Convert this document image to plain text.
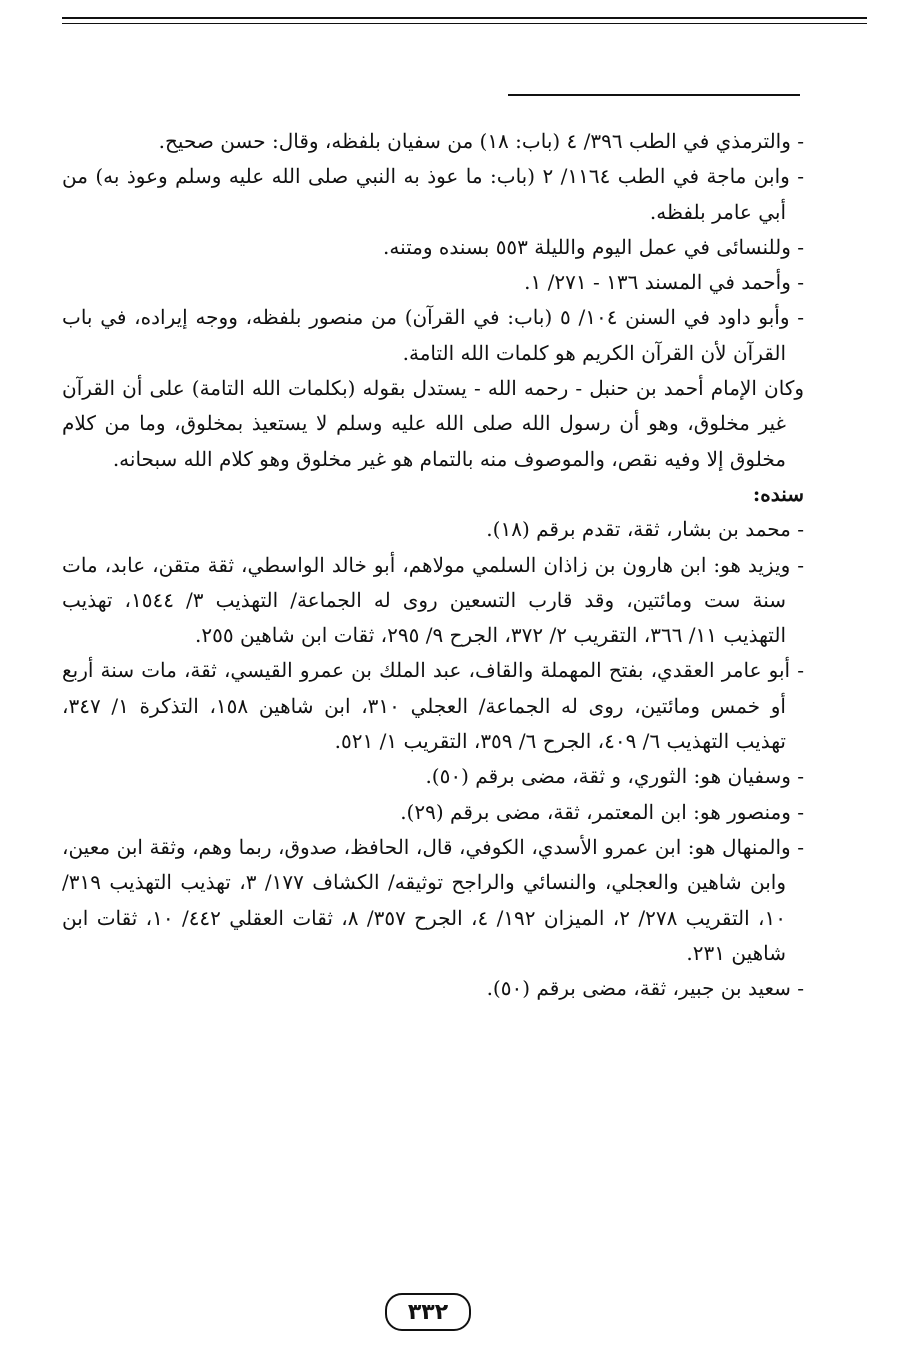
- والترمذي في الطب ٣٩٦/ ٤ (باب: ١٨) من سفيان بلفظه، وقال: حسن صحيح.

- وابن ماجة في الطب ١١٦٤/ ٢ (باب: ما عوذ به النبي صلى الله عليه وسلم وعوذ به) من أبي عامر بلفظه.

- وللنسائى في عمل اليوم والليلة ٥٥٣ بسنده ومتنه.

- وأحمد في المسند ١٣٦ - ٢٧١/ ١.

- وأبو داود في السنن ١٠٤/ ٥ (باب: في القرآن) من منصور بلفظه، ووجه إيراده، في باب القرآن لأن القرآن الكريم هو كلمات الله التامة.

وكان الإمام أحمد بن حنبل - رحمه الله - يستدل بقوله (بكلمات الله التامة) على أن القرآن غير مخلوق، وهو أن رسول الله صلى الله عليه وسلم لا يستعيذ بمخلوق، وما من كلام مخلوق إلا وفيه نقص، والموصوف منه بالتمام هو غير مخلوق وهو كلام الله سبحانه.

سنده:

- محمد بن بشار، ثقة، تقدم برقم (١٨).

- ويزيد هو: ابن هارون بن زاذان السلمي مولاهم، أبو خالد الواسطي، ثقة متقن، عابد، مات سنة ست ومائتين، وقد قارب التسعين روى له الجماعة/ التهذيب ٣/ ١٥٤٤، تهذيب التهذيب ١١/ ٣٦٦، التقريب ٢/ ٣٧٢، الجرح ٩/ ٢٩٥، ثقات ابن شاهين ٢٥٥.

- أبو عامر العقدي، بفتح المهملة والقاف، عبد الملك بن عمرو القيسي، ثقة، مات سنة أربع أو خمس ومائتين، روى له الجماعة/ العجلي ٣١٠، ابن شاهين ١٥٨، التذكرة ١/ ٣٤٧، تهذيب التهذيب ٦/ ٤٠٩، الجرح ٦/ ٣٥٩، التقريب ١/ ٥٢١.

- وسفيان هو: الثوري، و ثقة، مضى برقم (٥٠).

- ومنصور هو: ابن المعتمر، ثقة، مضى برقم (٢٩).

- والمنهال هو: ابن عمرو الأسدي، الكوفي، قال، الحافظ، صدوق، ربما وهم، وثقة ابن معين، وابن شاهين والعجلي، والنسائي والراجح توثيقه/ الكشاف ١٧٧/ ٣، تهذيب التهذيب ٣١٩/ ١٠، التقريب ٢٧٨/ ٢، الميزان ١٩٢/ ٤، الجرح ٣٥٧/ ٨، ثقات العقلي ٤٤٢/ ١٠، ثقات ابن شاهين ٢٣١.

- سعيد بن جبير، ثقة، مضى برقم (٥٠).

٣٣٢
